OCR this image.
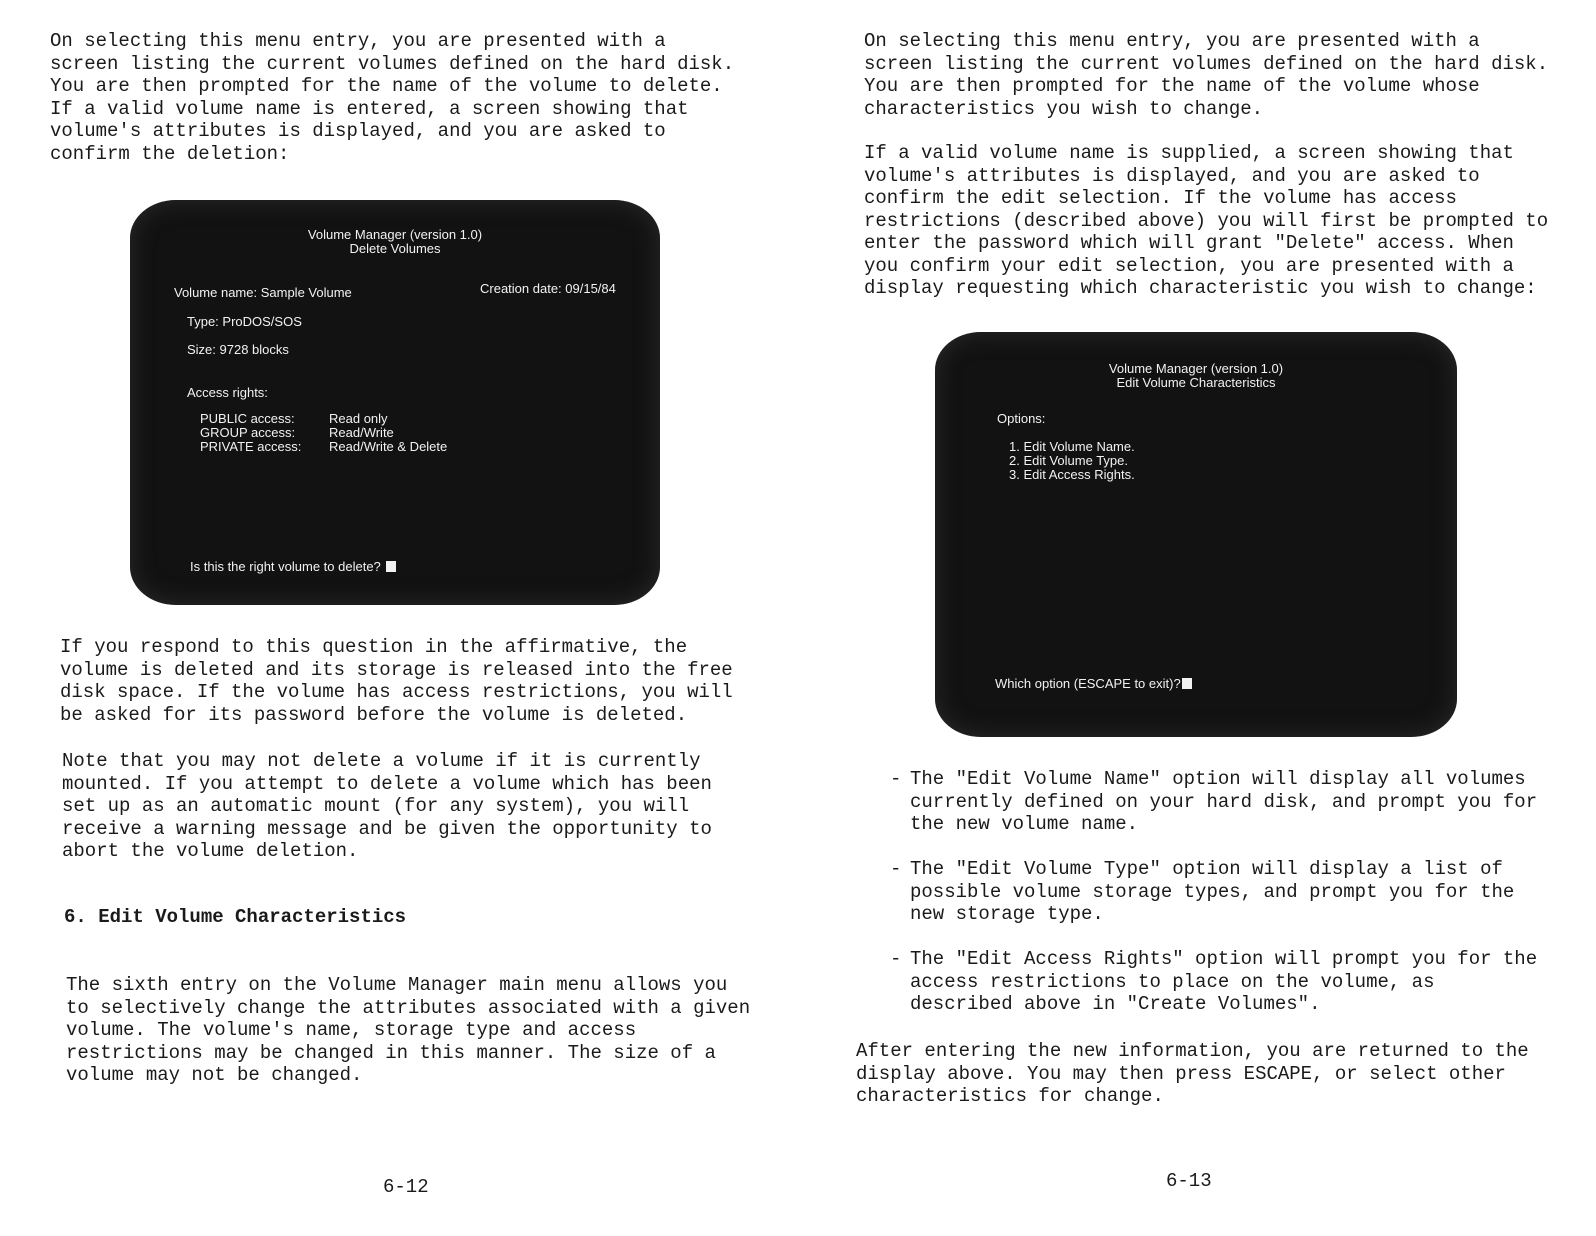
On selecting this menu entry, you are presented with a
screen listing the current volumes defined on the hard disk.
You are then prompted for the name of the volume to delete.
If a valid volume name is entered, a screen showing that
volume's attributes is displayed, and you are asked to
confirm the deletion:

Volume Manager (version 1.0)
Delete Volumes
Volume name: Sample Volume	Creation date: 09/15/84
Type: ProDOS/SOS
Size: 9728 blocks
Access rights:
PUBLIC access:	Read only
GROUP access:	Read/Write
PRIVATE access: Read/Write & Delete
Is this the right volume to delete?

If you respond to this question in the affirmative, the
volume is deleted and its storage is released into the free
disk space. If the volume has access restrictions, you will
be asked for its password before the volume is deleted.

Note that you may not delete a volume if it is currently
mounted. If you attempt to delete a volume which has been
set up as an automatic mount (for any system), you will
receive a warning message and be given the opportunity to
abort the volume deletion.

6. Edit Volume Characteristics

The sixth entry on the Volume Manager main menu allows you
to selectively change the attributes associated with a given
volume. The volume's name, storage type and access
restrictions may be changed in this manner. The size of a
volume may not be changed.

6-12

On selecting this menu entry, you are presented with a
screen listing the current volumes defined on the hard disk.
You are then prompted for the name of the volume whose
characteristics you wish to change.

If a valid volume name is supplied, a screen showing that
volume's attributes is displayed, and you are asked to
confirm the edit selection. If the volume has access
restrictions (described above) you will first be prompted to
enter the password which will grant "Delete" access. When
you confirm your edit selection, you are presented with a
display requesting which characteristic you wish to change:

Volume Manager (version 1.0)
Edit Volume Characteristics
Options:
1. Edit Volume Name.
2. Edit Volume Type.
3. Edit Access Rights.
Which option (ESCAPE to exit)?
- The "Edit Volume Name" option will display all volumes
currently defined on your hard disk, and prompt you for
the new volume name.
- The "Edit Volume Type" option will display a list of
possible volume storage types, and prompt you for the
new storage type.
- The "Edit Access Rights" option will prompt you for the
access restrictions to place on the volume, as
described above in "Create Volumes".

After entering the new information, you are returned to the
display above. You may then press ESCAPE, or select other
characteristics for change.

6-13
